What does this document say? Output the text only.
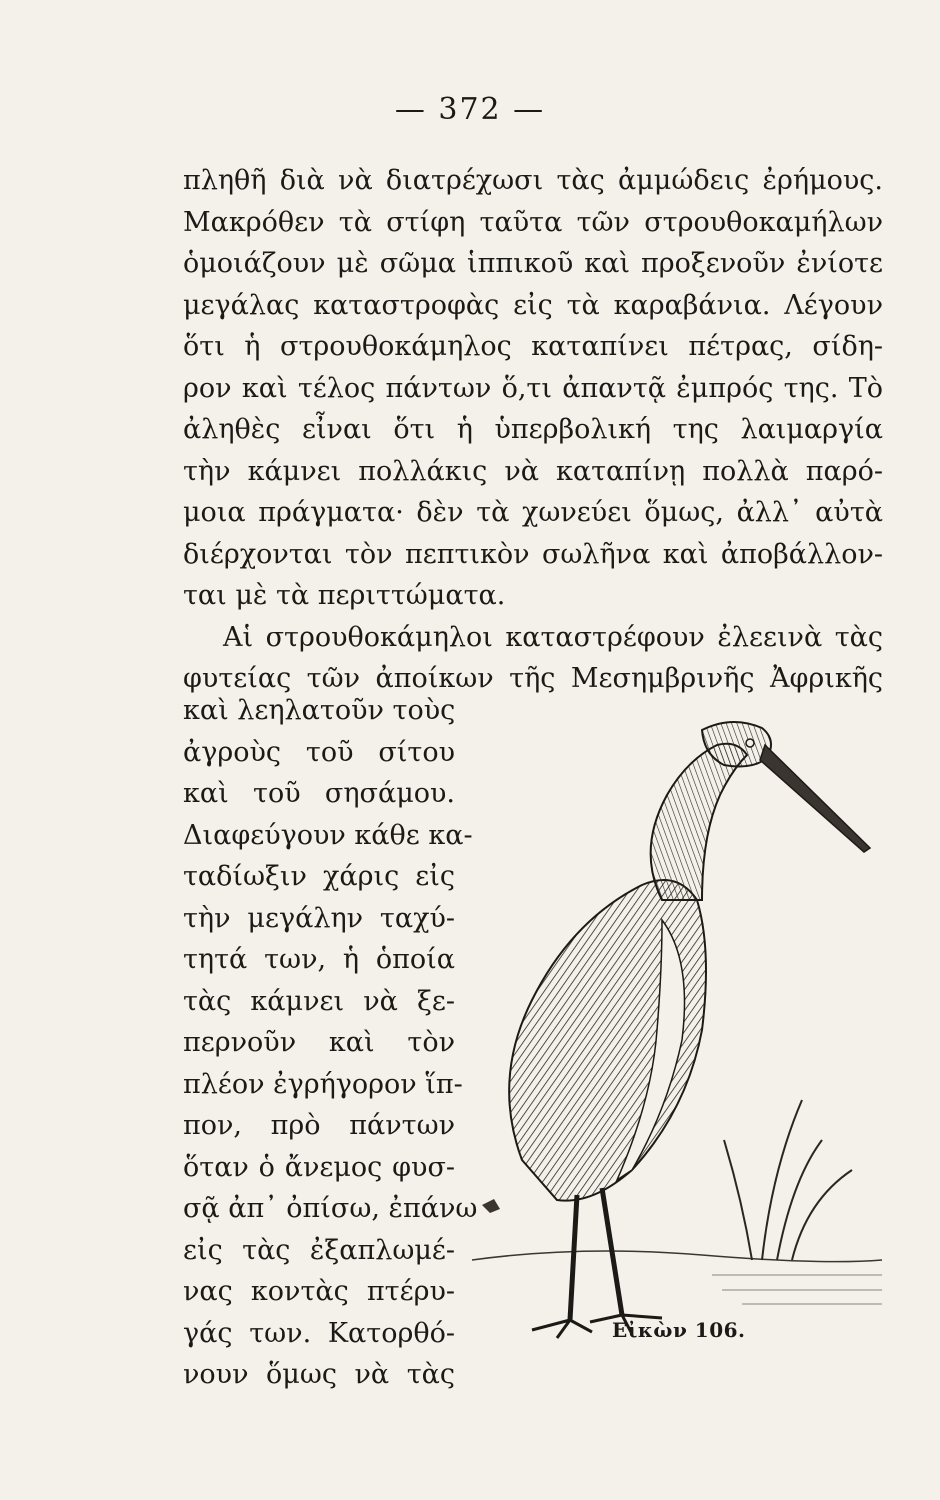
— 372 —
πληθῆ διὰ νὰ διατρέχωσι τὰς ἀμμώδεις ἐρήμους.
Μακρόθεν τὰ στίφη ταῦτα τῶν στρουθοκαμήλων
ὁμοιάζουν μὲ σῶμα ἱππικοῦ καὶ προξενοῦν ἐνίοτε
μεγάλας καταστροφὰς εἰς τὰ καραβάνια. Λέγουν
ὅτι ἡ στρουθοκάμηλος καταπίνει πέτρας, σίδη-
ρον καὶ τέλος πάντων ὅ,τι ἀπαντᾷ ἐμπρός της. Τὸ
ἀληθὲς εἶναι ὅτι ἡ ὑπερβολική της λαιμαργία
τὴν κάμνει πολλάκις νὰ καταπίνῃ πολλὰ παρό-
μοια πράγματα· δὲν τὰ χωνεύει ὅμως, ἀλλ᾽ αὐτὰ
διέρχονται τὸν πεπτικὸν σωλῆνα καὶ ἀποβάλλον-
ται μὲ τὰ περιττώματα.
Αἱ στρουθοκάμηλοι καταστρέφουν ἐλεεινὰ τὰς
φυτείας τῶν ἀποίκων τῆς Μεσημβρινῆς Ἀφρικῆς
καὶ λεηλατοῦν τοὺς
ἀγροὺς τοῦ σίτου
καὶ τοῦ σησάμου.
Διαφεύγουν κάθε κα-
ταδίωξιν χάρις εἰς
τὴν μεγάλην ταχύ-
τητά των, ἡ ὁποία
τὰς κάμνει νὰ ξε-
περνοῦν καὶ τὸν
πλέον ἐγρήγορον ἵπ-
πον, πρὸ πάντων
ὅταν ὁ ἄνεμος φυσ-
σᾷ ἀπ᾽ ὀπίσω, ἐπάνω
εἰς τὰς ἐξαπλωμέ-
νας κοντὰς πτέρυ-
γάς των. Κατορθό-
νουν ὅμως νὰ τὰς
Εἰκὼν 106.
